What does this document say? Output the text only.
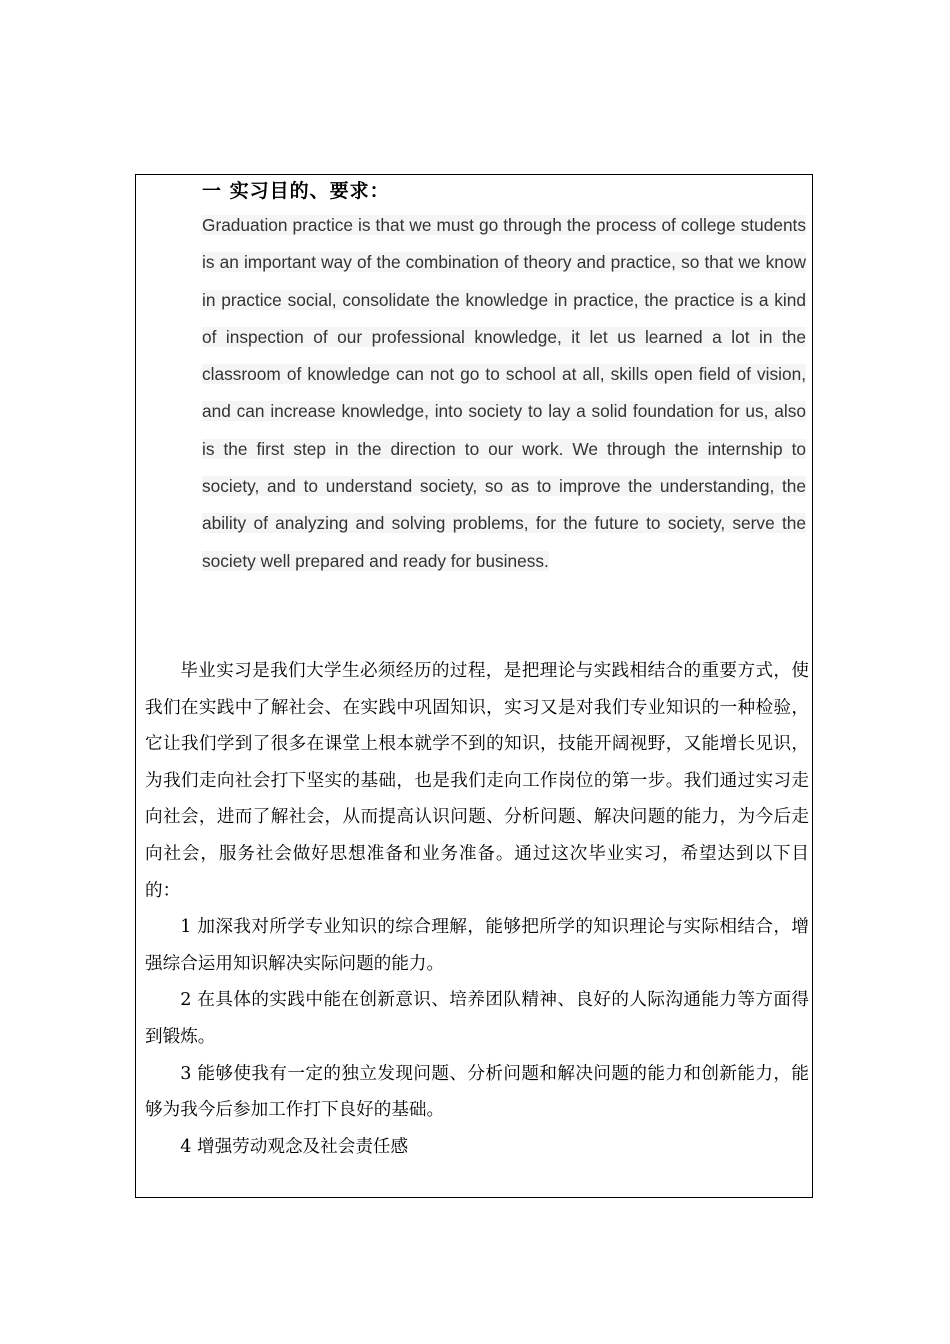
一 实习目的、要求：

Graduation practice is that we must go through the process of college students is an important way of the combination of theory and practice, so that we know in practice social, consolidate the knowledge in practice, the practice is a kind of inspection of our professional knowledge, it let us learned a lot in the classroom of knowledge can not go to school at all, skills open field of vision, and can increase knowledge, into society to lay a solid foundation for us, also is the first step in the direction to our work. We through the internship to society, and to understand society, so as to improve the understanding, the ability of analyzing and solving problems, for the future to society, serve the society well prepared and ready for business.

毕业实习是我们大学生必须经历的过程，是把理论与实践相结合的重要方式，使我们在实践中了解社会、在实践中巩固知识，实习又是对我们专业知识的一种检验，它让我们学到了很多在课堂上根本就学不到的知识，技能开阔视野，又能增长见识，为我们走向社会打下坚实的基础，也是我们走向工作岗位的第一步。我们通过实习走向社会，进而了解社会，从而提高认识问题、分析问题、解决问题的能力，为今后走向社会，服务社会做好思想准备和业务准备。通过这次毕业实习，希望达到以下目的：

1 加深我对所学专业知识的综合理解，能够把所学的知识理论与实际相结合，增强综合运用知识解决实际问题的能力。

2 在具体的实践中能在创新意识、培养团队精神、良好的人际沟通能力等方面得到锻炼。

3 能够使我有一定的独立发现问题、分析问题和解决问题的能力和创新能力，能够为我今后参加工作打下良好的基础。

4 增强劳动观念及社会责任感
